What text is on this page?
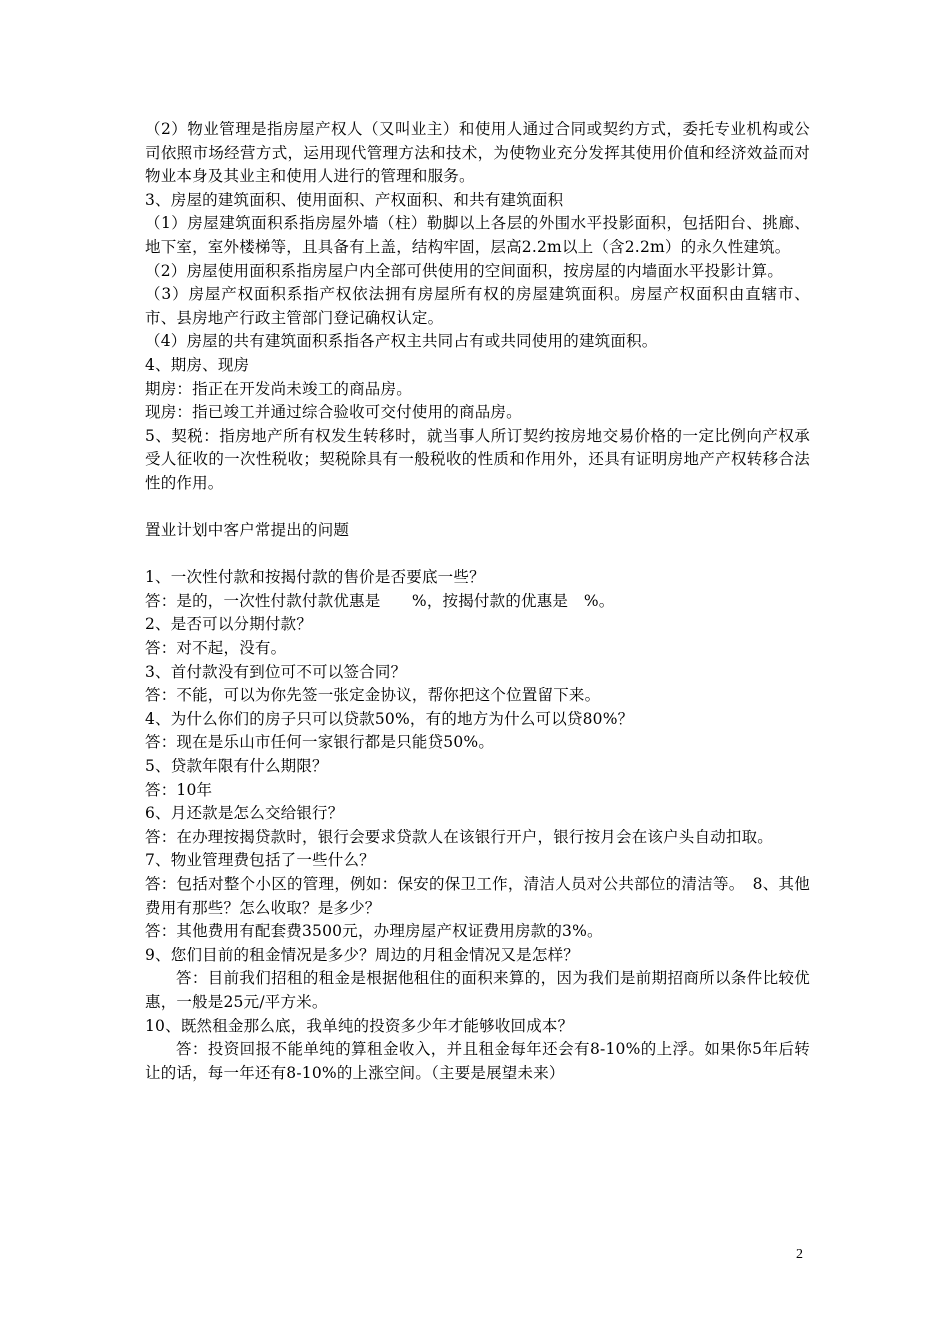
（2）物业管理是指房屋产权人（又叫业主）和使用人通过合同或契约方式，委托专业机构或公司依照市场经营方式，运用现代管理方法和技术，为使物业充分发挥其使用价值和经济效益而对物业本身及其业主和使用人进行的管理和服务。

3、房屋的建筑面积、使用面积、产权面积、和共有建筑面积

（1）房屋建筑面积系指房屋外墙（柱）勒脚以上各层的外围水平投影面积，包括阳台、挑廊、地下室，室外楼梯等，且具备有上盖，结构牢固，层高2.2m以上（含2.2m）的永久性建筑。

（2）房屋使用面积系指房屋户内全部可供使用的空间面积，按房屋的内墙面水平投影计算。

（3）房屋产权面积系指产权依法拥有房屋所有权的房屋建筑面积。房屋产权面积由直辖市、市、县房地产行政主管部门登记确权认定。

（4）房屋的共有建筑面积系指各产权主共同占有或共同使用的建筑面积。

4、期房、现房

期房：指正在开发尚未竣工的商品房。

现房：指已竣工并通过综合验收可交付使用的商品房。

5、契税：指房地产所有权发生转移时，就当事人所订契约按房地交易价格的一定比例向产权承受人征收的一次性税收；契税除具有一般税收的性质和作用外，还具有证明房地产产权转移合法性的作用。

置业计划中客户常提出的问题

1、一次性付款和按揭付款的售价是否要底一些？

答：是的，一次性付款付款优惠是　　%，按揭付款的优惠是　%。

2、是否可以分期付款？

答：对不起，没有。

3、首付款没有到位可不可以签合同？

答：不能，可以为你先签一张定金协议，帮你把这个位置留下来。

4、为什么你们的房子只可以贷款50%，有的地方为什么可以贷80%？

答：现在是乐山市任何一家银行都是只能贷50%。

5、贷款年限有什么期限？

答：10年

6、月还款是怎么交给银行？

答：在办理按揭贷款时，银行会要求贷款人在该银行开户，银行按月会在该户头自动扣取。

7、物业管理费包括了一些什么？

答：包括对整个小区的管理，例如：保安的保卫工作，清洁人员对公共部位的清洁等。　8、其他费用有那些？怎么收取？是多少？

答：其他费用有配套费3500元，办理房屋产权证费用房款的3%。

9、您们目前的租金情况是多少？周边的月租金情况又是怎样？

答：目前我们招租的租金是根据他租住的面积来算的，因为我们是前期招商所以条件比较优惠，一般是25元/平方米。

10、既然租金那么底，我单纯的投资多少年才能够收回成本？

答：投资回报不能单纯的算租金收入，并且租金每年还会有8-10%的上浮。如果你5年后转让的话，每一年还有8-10%的上涨空间。（主要是展望未来）

2
